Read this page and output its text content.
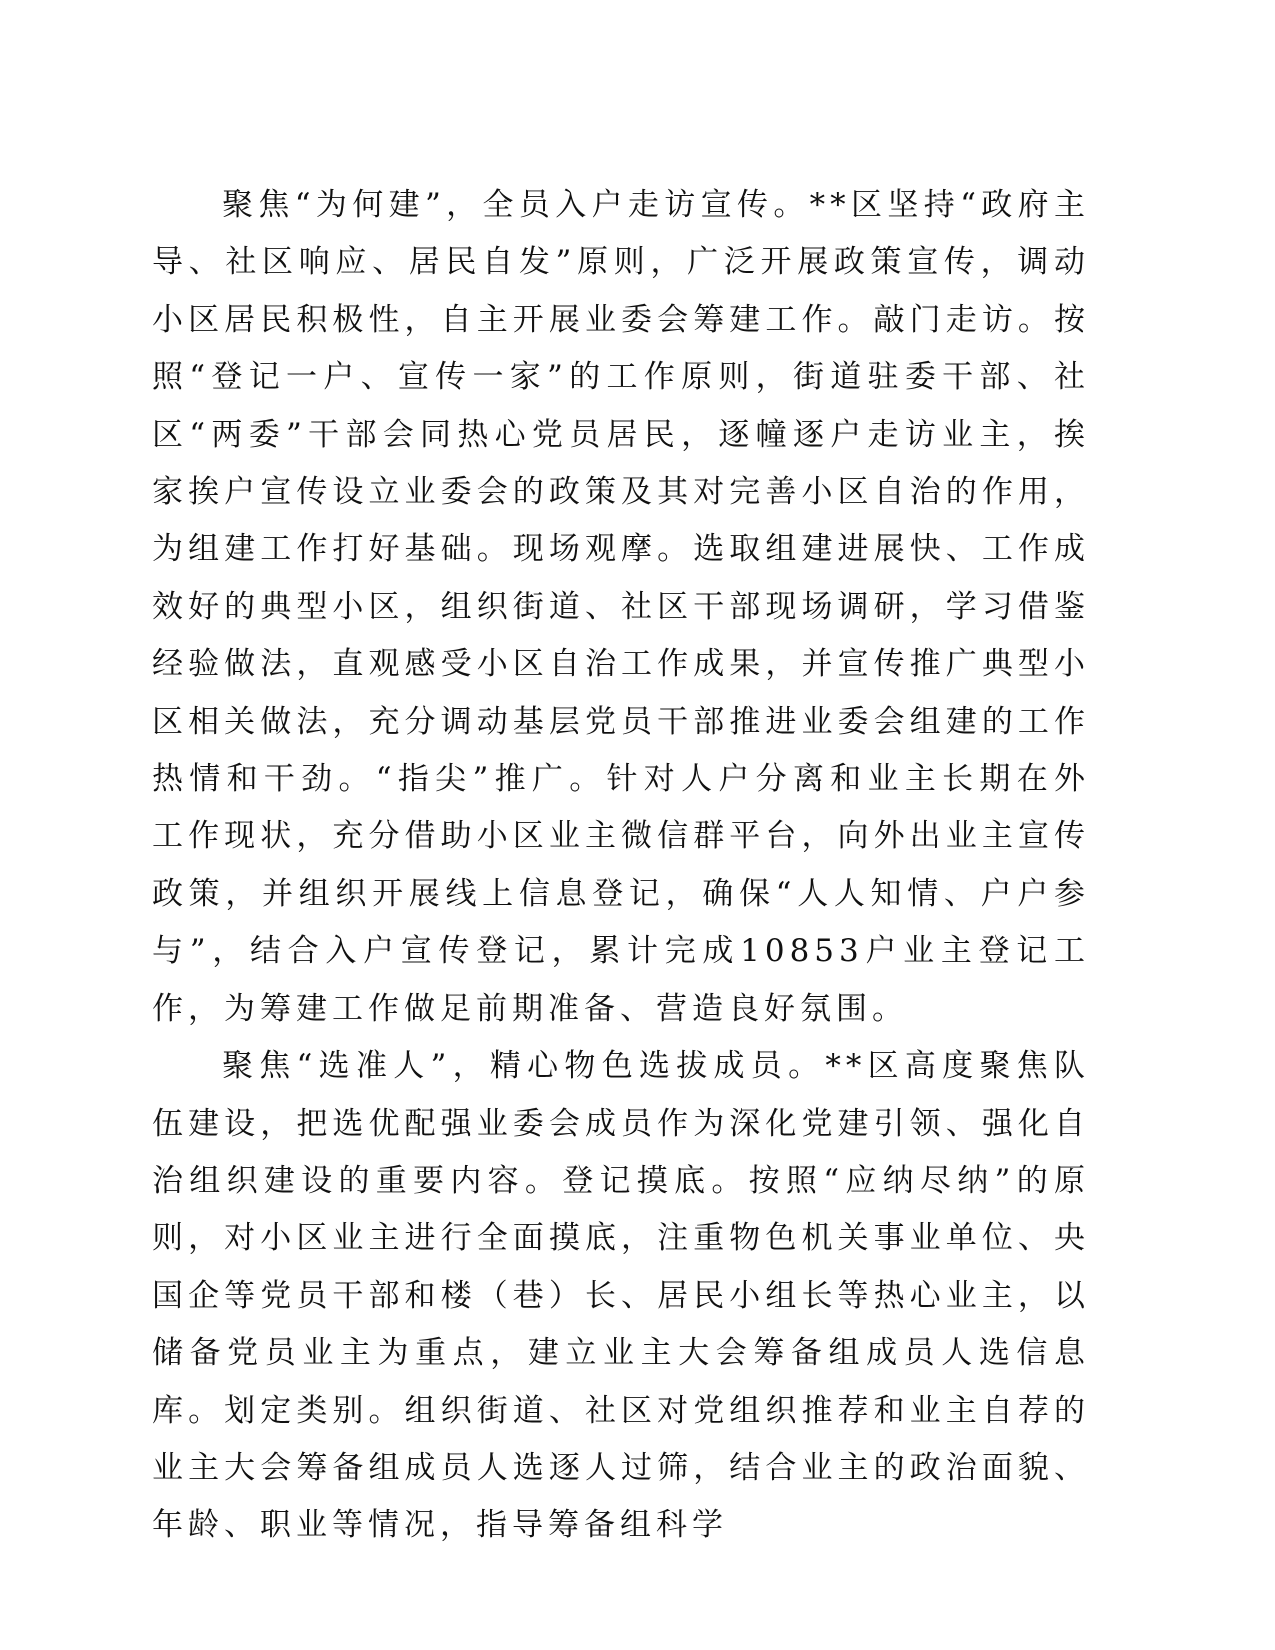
聚焦“为何建”，全员入户走访宣传。**区坚持“政府主导、社区响应、居民自发”原则，广泛开展政策宣传，调动小区居民积极性，自主开展业委会筹建工作。敲门走访。按照“登记一户、宣传一家”的工作原则，街道驻委干部、社区“两委”干部会同热心党员居民，逐幢逐户走访业主，挨家挨户宣传设立业委会的政策及其对完善小区自治的作用，为组建工作打好基础。现场观摩。选取组建进展快、工作成效好的典型小区，组织街道、社区干部现场调研，学习借鉴经验做法，直观感受小区自治工作成果，并宣传推广典型小区相关做法，充分调动基层党员干部推进业委会组建的工作热情和干劲。“指尖”推广。针对人户分离和业主长期在外工作现状，充分借助小区业主微信群平台，向外出业主宣传政策，并组织开展线上信息登记，确保“人人知情、户户参与”，结合入户宣传登记，累计完成10853户业主登记工作，为筹建工作做足前期准备、营造良好氛围。

聚焦“选准人”，精心物色选拔成员。**区高度聚焦队伍建设，把选优配强业委会成员作为深化党建引领、强化自治组织建设的重要内容。登记摸底。按照“应纳尽纳”的原则，对小区业主进行全面摸底，注重物色机关事业单位、央国企等党员干部和楼（巷）长、居民小组长等热心业主，以储备党员业主为重点，建立业主大会筹备组成员人选信息库。划定类别。组织街道、社区对党组织推荐和业主自荐的业主大会筹备组成员人选逐人过筛，结合业主的政治面貌、年龄、职业等情况，指导筹备组科学
